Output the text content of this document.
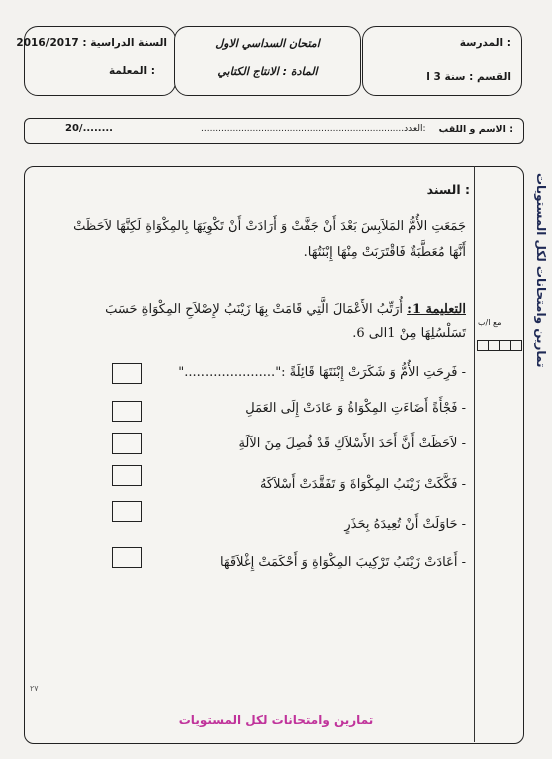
السنة الدراسية : 2016/2017
المعلمة :
امتحان السداسي الاول
المادة : الانتاج الكتابي
المدرسة :
القسم : سنة 3 ا
الاسم و اللقب :
.......................................................................العدد:
20/........
تمارين وامتحانات لكل المستويات
السند :
جَمَعَتِ الأُمُّ المَلاَبِسَ بَعْدَ أَنْ جَفَّتْ وَ أَرَادَتْ أَنْ تَكْوِيَهَا بِالمِكْوَاةِ لَكِنَّهَا لاَحَظَتْ أَنَّهَا مُعَطَّبَةٌ فَاقْتَرَبَتْ مِنْهَا إِبْنَتُهَا.
التعليمة 1: أُرَتِّبُ الأَعْمَالَ الَّتِي قَامَتْ بِهَا زَيْنَبُ لإِصْلاَحِ المِكْوَاةِ حَسَبَ تَسَلْسُلِهَا مِنْ 1الى 6.
مع ا/ب
- فَرِحَتِ الأُمُّ وَ شَكَرَتْ إِبْنَتَهَا قَائِلَةً :"......................"
- فَجْأَةً أَضَاءَتِ المِكْوَاةُ وَ عَادَتْ إِلَى العَمَلِ
- لاَحَظَتْ أَنَّ أَحَدَ الأَسْلاَكِ قَدْ فُصِلَ مِنَ الآلَةِ
- فَكَّكَتْ زَيْنَبُ المِكْوَاةَ وَ تَفَقَّدَتْ أَسْلاَكَهُ
- حَاوَلَتْ أَنْ تُعِيدَهُ بِحَذَرٍ
- أَعَادَتْ زَيْنَبُ تَرْكِيبَ المِكْوَاةِ وَ أَحْكَمَتْ إِغْلاَقَهَا
٢٧
تمارين وامتحانات لكل المستويات
